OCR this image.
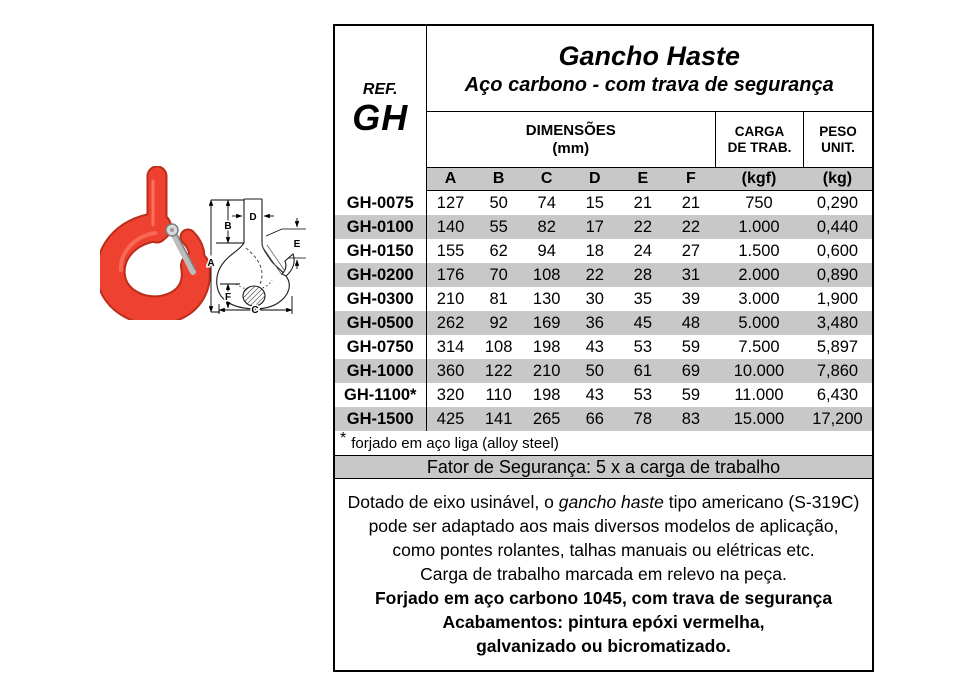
A
B
C
D
E
F
REF.
GH
Gancho Haste
Aço carbono - com trava de segurança
DIMENSÕES
(mm)
CARGA
DE TRAB.
PESO
UNIT.
A	B	C	D	E	F	(kgf)	(kg)
GH-0075	127	50	74	15	21	21	750	0,290
GH-0100	140	55	82	17	22	22	1.000	0,440
GH-0150	155	62	94	18	24	27	1.500	0,600
GH-0200	176	70	108	22	28	31	2.000	0,890
GH-0300	210	81	130	30	35	39	3.000	1,900
GH-0500	262	92	169	36	45	48	5.000	3,480
GH-0750	314	108	198	43	53	59	7.500	5,897
GH-1000	360	122	210	50	61	69	10.000	7,860
GH-1100*	320	110	198	43	53	59	11.000	6,430
GH-1500	425	141	265	66	78	83	15.000	17,200
* forjado em aço liga (alloy steel)
Fator de Segurança: 5 x a carga de trabalho
Dotado de eixo usinável, o gancho haste tipo americano (S-319C)
pode ser adaptado aos mais diversos modelos de aplicação,
como pontes rolantes, talhas manuais ou elétricas etc.
Carga de trabalho marcada em relevo na peça.
Forjado em aço carbono 1045, com trava de segurança
Acabamentos: pintura epóxi vermelha,
galvanizado ou bicromatizado.
